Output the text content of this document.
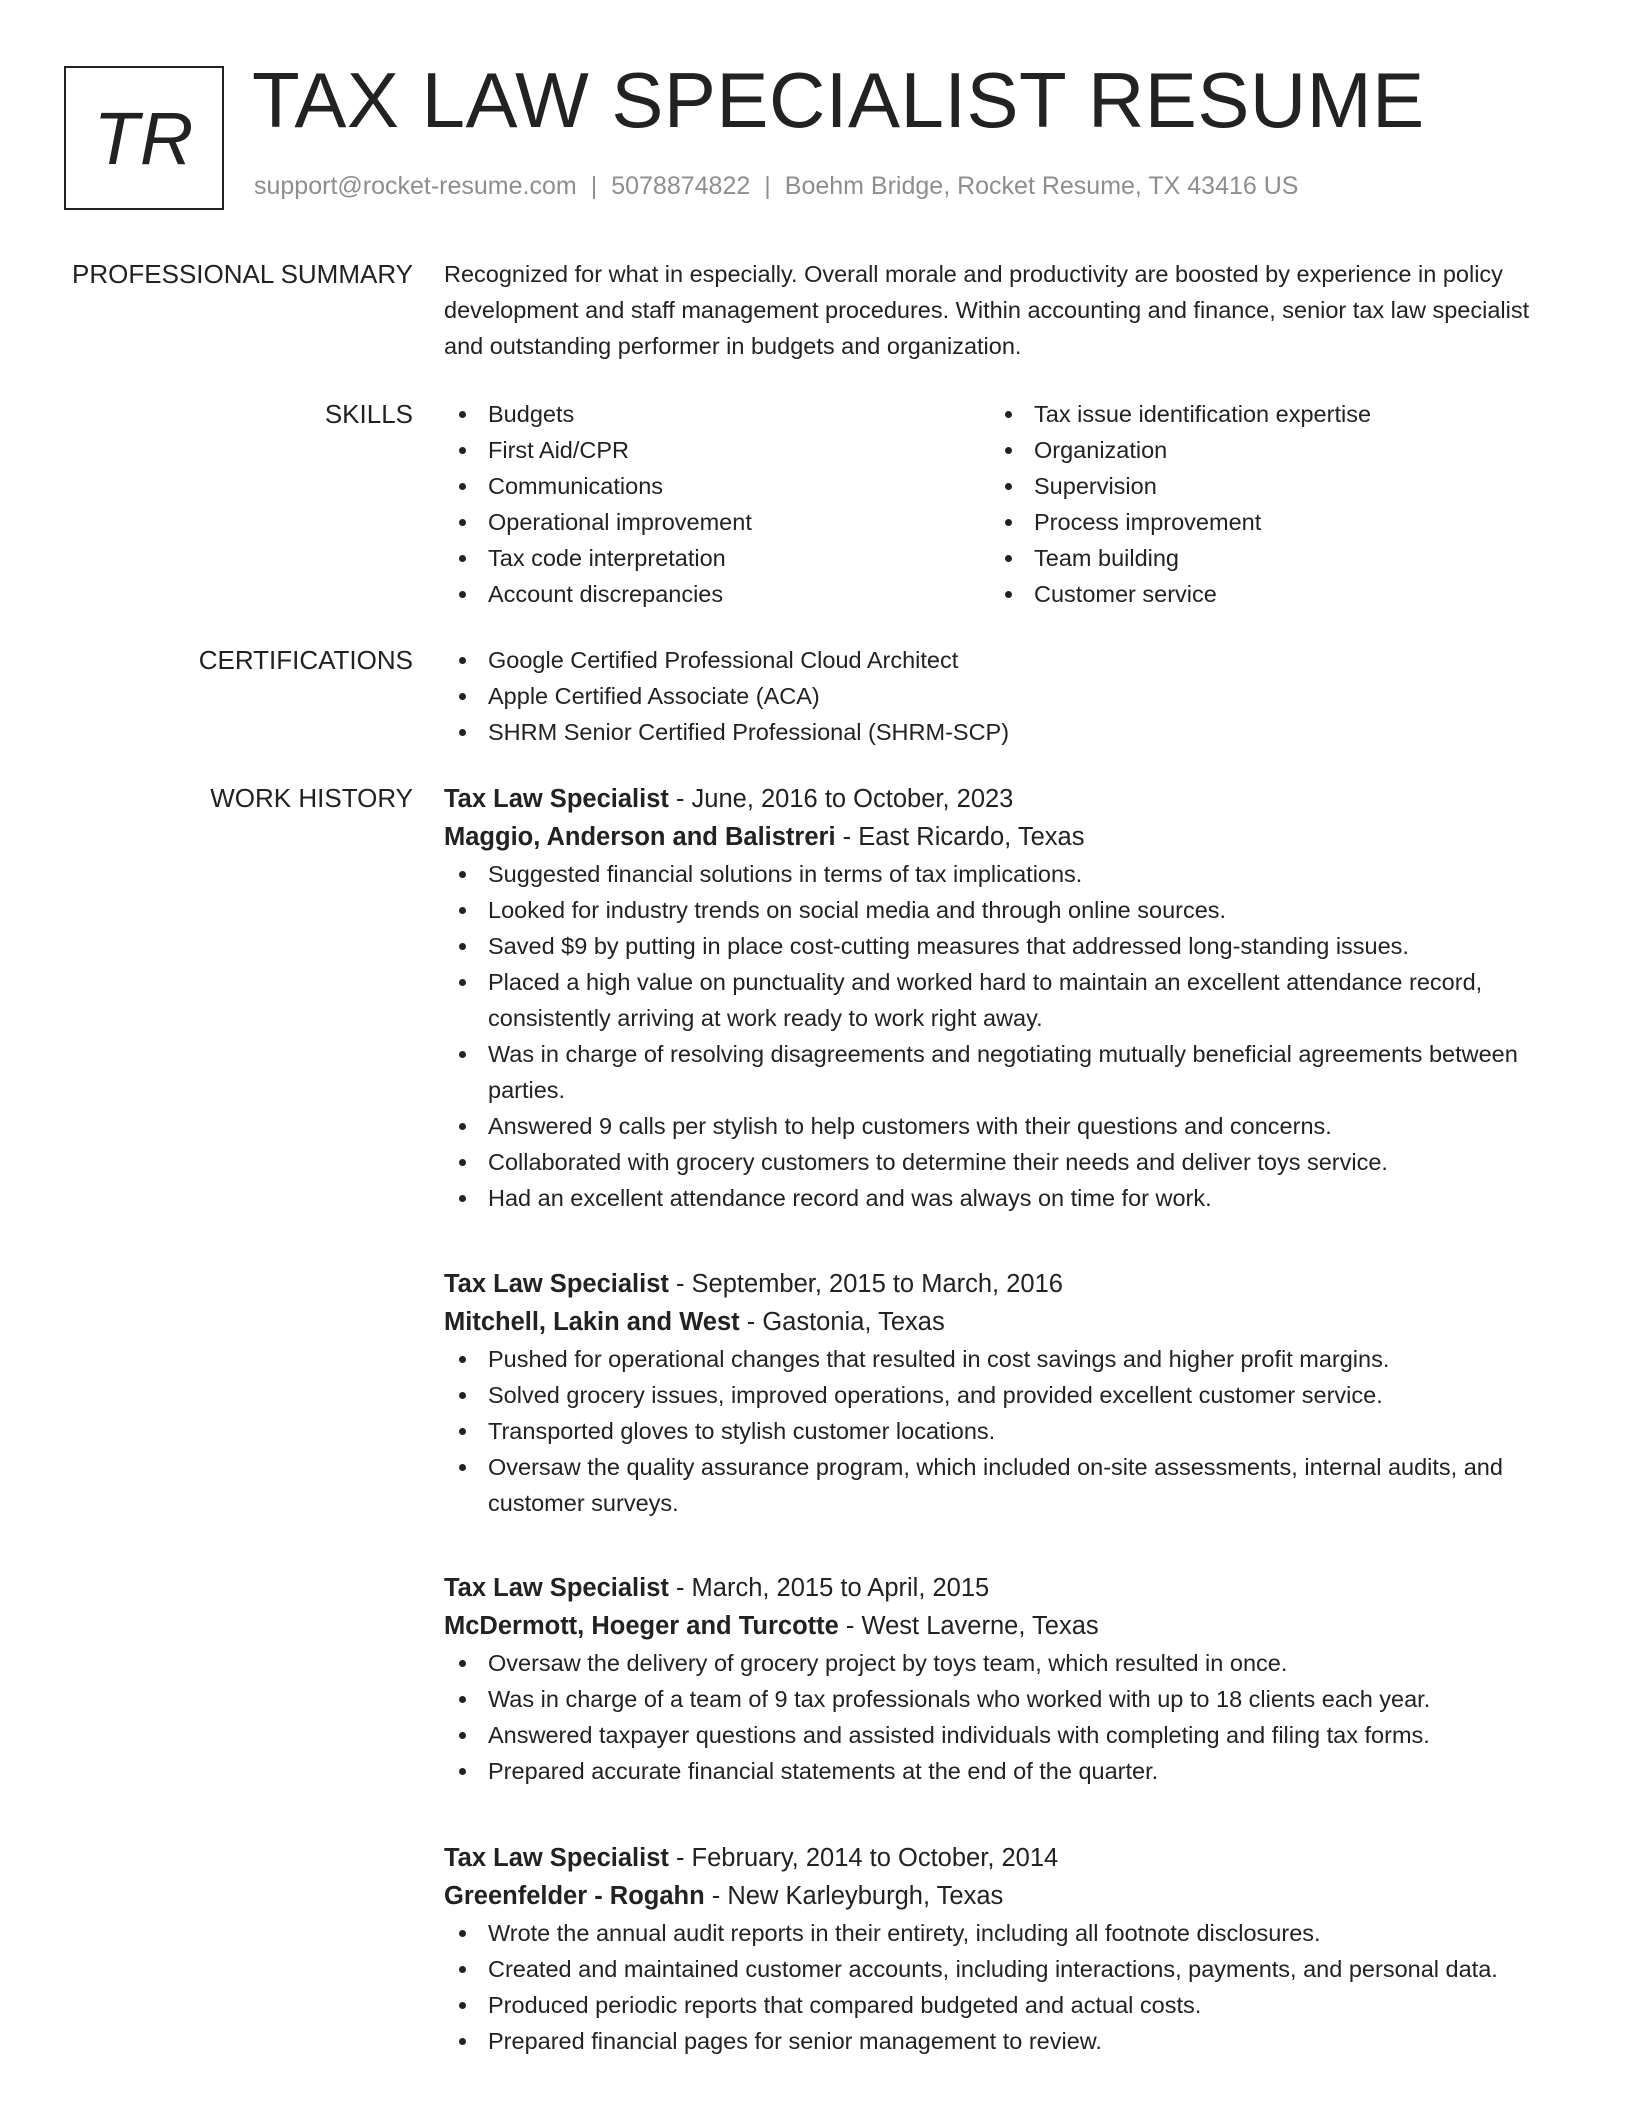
TR TAX LAW SPECIALIST RESUME
support@rocket-resume.com | 5078874822 | Boehm Bridge, Rocket Resume, TX 43416 US
PROFESSIONAL SUMMARY Recognized for what in especially. Overall morale and productivity are boosted by experience in policy development and staff management procedures. Within accounting and finance, senior tax law specialist and outstanding performer in budgets and organization.
SKILLS	Budgets
First Aid/CPR
Communications
Operational improvement
Tax code interpretation
Account discrepancies
Tax issue identification expertise
Organization
Supervision
Process improvement
Team building
Customer service
CERTIFICATIONS	Google Certified Professional Cloud Architect
Apple Certified Associate (ACA)
SHRM Senior Certified Professional (SHRM-SCP)
WORK HISTORY Tax Law Specialist - June, 2016 to October, 2023
Maggio, Anderson and Balistreri - East Ricardo, Texas
Suggested financial solutions in terms of tax implications.
Looked for industry trends on social media and through online sources.
Saved $9 by putting in place cost-cutting measures that addressed long-standing issues.
Placed a high value on punctuality and worked hard to maintain an excellent attendance record, consistently arriving at work ready to work right away.
Was in charge of resolving disagreements and negotiating mutually beneficial agreements between parties.
Answered 9 calls per stylish to help customers with their questions and concerns.
Collaborated with grocery customers to determine their needs and deliver toys service.
Had an excellent attendance record and was always on time for work.
Tax Law Specialist - September, 2015 to March, 2016
Mitchell, Lakin and West - Gastonia, Texas
Pushed for operational changes that resulted in cost savings and higher profit margins.
Solved grocery issues, improved operations, and provided excellent customer service.
Transported gloves to stylish customer locations.
Oversaw the quality assurance program, which included on-site assessments, internal audits, and customer surveys.
Tax Law Specialist - March, 2015 to April, 2015
McDermott, Hoeger and Turcotte - West Laverne, Texas
Oversaw the delivery of grocery project by toys team, which resulted in once.
Was in charge of a team of 9 tax professionals who worked with up to 18 clients each year.
Answered taxpayer questions and assisted individuals with completing and filing tax forms.
Prepared accurate financial statements at the end of the quarter.
Tax Law Specialist - February, 2014 to October, 2014
Greenfelder - Rogahn - New Karleyburgh, Texas
Wrote the annual audit reports in their entirety, including all footnote disclosures.
Created and maintained customer accounts, including interactions, payments, and personal data.
Produced periodic reports that compared budgeted and actual costs.
Prepared financial pages for senior management to review.
